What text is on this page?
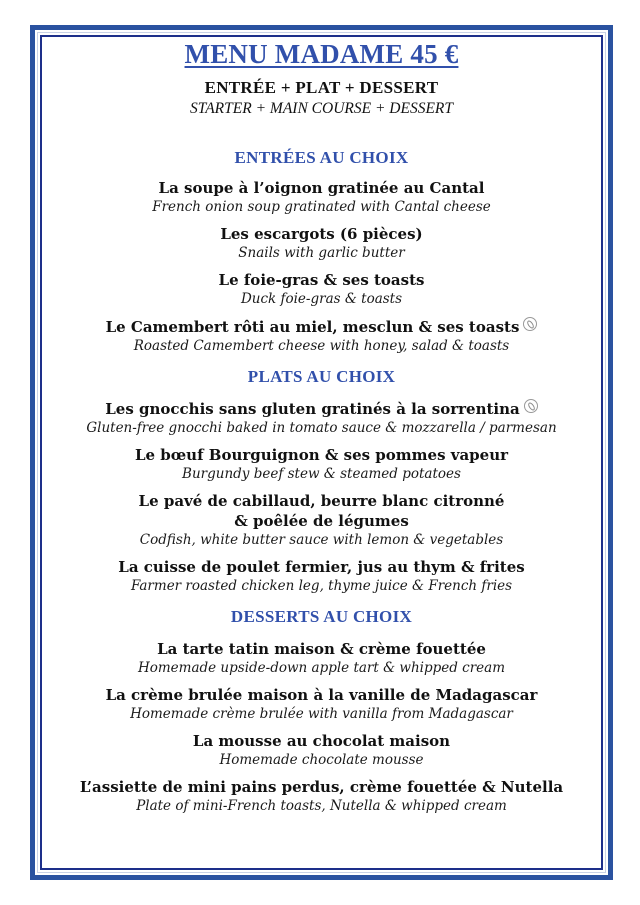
MENU MADAME 45 €
ENTRÉE + PLAT + DESSERT
STARTER + MAIN COURSE + DESSERT
ENTRÉES AU CHOIX
La soupe à l’oignon gratinée au Cantal
French onion soup gratinated with Cantal cheese
Les escargots (6 pièces)
Snails with garlic butter
Le foie-gras & ses toasts
Duck foie-gras & toasts
Le Camembert rôti au miel, mesclun & ses toasts
Roasted Camembert cheese with honey, salad & toasts
PLATS AU CHOIX
Les gnocchis sans gluten gratinés à la sorrentina
Gluten-free gnocchi baked in tomato sauce & mozzarella / parmesan
Le bœuf Bourguignon & ses pommes vapeur
Burgundy beef stew & steamed potatoes
Le pavé de cabillaud, beurre blanc citronné
& poêlée de légumes
Codfish, white butter sauce with lemon & vegetables
La cuisse de poulet fermier, jus au thym & frites
Farmer roasted chicken leg, thyme juice & French fries
DESSERTS AU CHOIX
La tarte tatin maison & crème fouettée
Homemade upside-down apple tart & whipped cream
La crème brulée maison à la vanille de Madagascar
Homemade crème brulée with vanilla from Madagascar
La mousse au chocolat maison
Homemade chocolate mousse
L’assiette de mini pains perdus, crème fouettée & Nutella
Plate of mini-French toasts, Nutella & whipped cream
